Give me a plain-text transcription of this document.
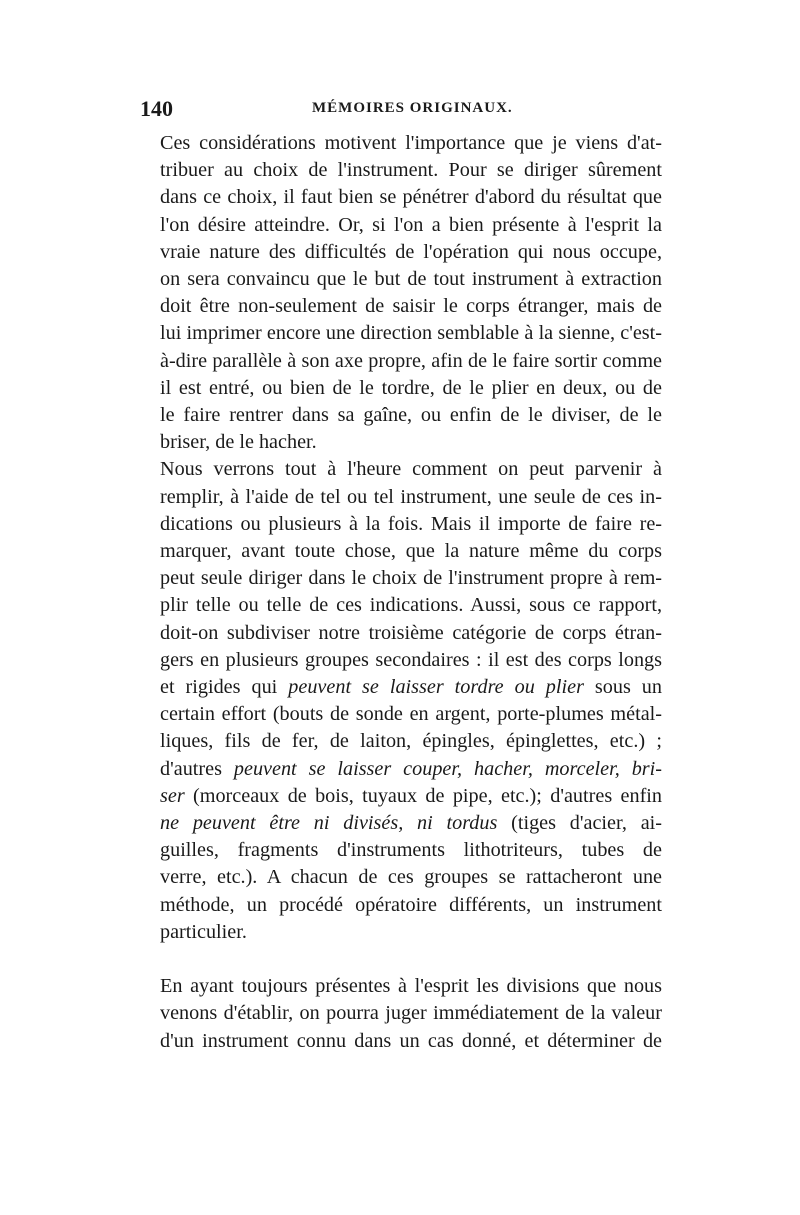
140	MÉMOIRES ORIGINAUX.

Ces considérations motivent l'importance que je viens d'at-
tribuer au choix de l'instrument. Pour se diriger sûrement
dans ce choix, il faut bien se pénétrer d'abord du résultat que
l'on désire atteindre. Or, si l'on a bien présente à l'esprit la
vraie nature des difficultés de l'opération qui nous occupe,
on sera convaincu que le but de tout instrument à extraction
doit être non-seulement de saisir le corps étranger, mais de
lui imprimer encore une direction semblable à la sienne, c'est-
à-dire parallèle à son axe propre, afin de le faire sortir comme
il est entré, ou bien de le tordre, de le plier en deux, ou de
le faire rentrer dans sa gaîne, ou enfin de le diviser, de le
briser, de le hacher.

Nous verrons tout à l'heure comment on peut parvenir à
remplir, à l'aide de tel ou tel instrument, une seule de ces in-
dications ou plusieurs à la fois. Mais il importe de faire re-
marquer, avant toute chose, que la nature même du corps
peut seule diriger dans le choix de l'instrument propre à rem-
plir telle ou telle de ces indications. Aussi, sous ce rapport,
doit-on subdiviser notre troisième catégorie de corps étran-
gers en plusieurs groupes secondaires : il est des corps longs
et rigides qui peuvent se laisser tordre ou plier sous un
certain effort (bouts de sonde en argent, porte-plumes métal-
liques, fils de fer, de laiton, épingles, épinglettes, etc.) ;
d'autres peuvent se laisser couper, hacher, morceler, bri-
ser (morceaux de bois, tuyaux de pipe, etc.); d'autres enfin
ne peuvent être ni divisés, ni tordus (tiges d'acier, ai-
guilles, fragments d'instruments lithotriteurs, tubes de
verre, etc.). A chacun de ces groupes se rattacheront une
méthode, un procédé opératoire différents, un instrument
particulier.

En ayant toujours présentes à l'esprit les divisions que nous
venons d'établir, on pourra juger immédiatement de la valeur
d'un instrument connu dans un cas donné, et déterminer de
